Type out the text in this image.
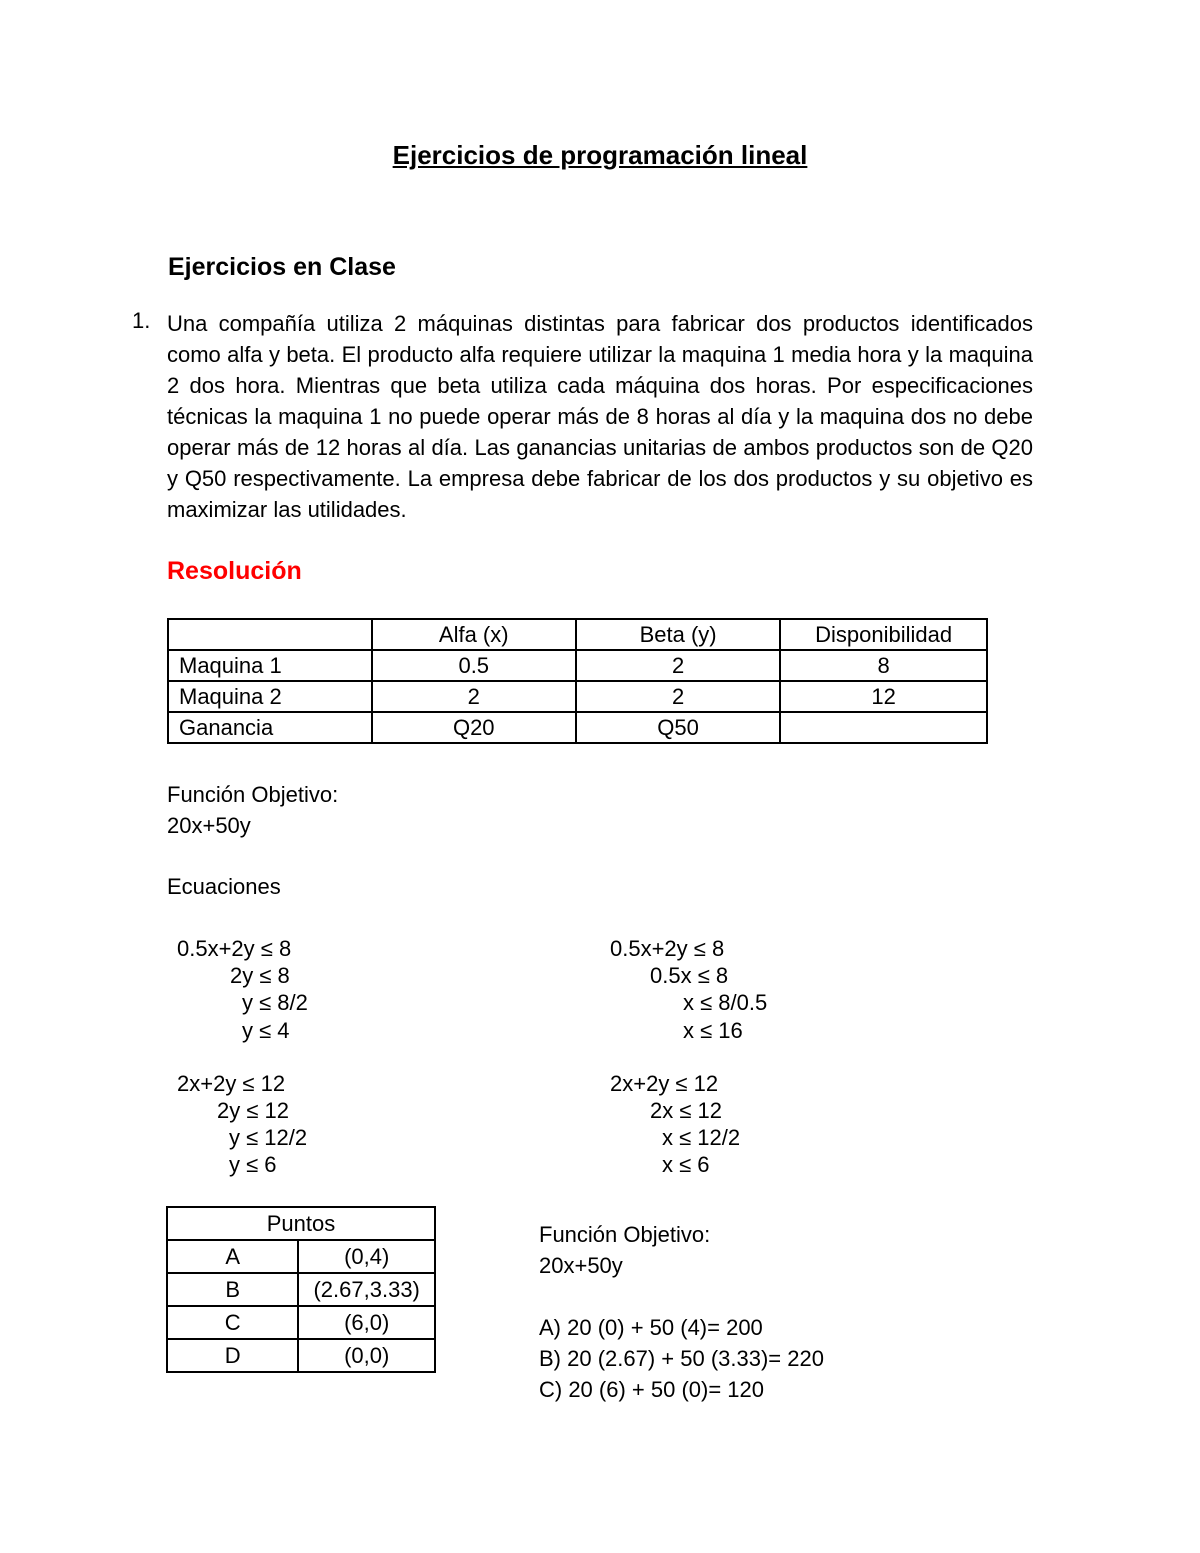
Ejercicios de programación lineal
Ejercicios en Clase
1. Una compañía utiliza 2 máquinas distintas para fabricar dos productos identificados como alfa y beta. El producto alfa requiere utilizar la maquina 1 media hora y la maquina 2 dos hora. Mientras que beta utiliza cada máquina dos horas. Por especificaciones técnicas la maquina 1 no puede operar más de 8 horas al día y la maquina dos no debe operar más de 12 horas al día. Las ganancias unitarias de ambos productos son de Q20 y Q50 respectivamente. La empresa debe fabricar de los dos productos y su objetivo es maximizar las utilidades.
Resolución
	Alfa (x)	Beta (y)	Disponibilidad
Maquina 1	0.5	2	8
Maquina 2	2	2	12
Ganancia	Q20	Q50	
Función Objetivo:
20x+50y
Ecuaciones
0.5x+2y ≤ 8
2y ≤ 8
y ≤ 8/2
y ≤ 4
0.5x+2y ≤ 8
0.5x ≤ 8
x ≤ 8/0.5
x ≤ 16
2x+2y ≤ 12
2y ≤ 12
y ≤ 12/2
y ≤ 6
2x+2y ≤ 12
2x ≤ 12
x ≤ 12/2
x ≤ 6
Puntos	
A	(0,4)
B	(2.67,3.33)
C	(6,0)
D	(0,0)
Función Objetivo:
20x+50y
A) 20 (0) + 50 (4)= 200
B) 20 (2.67) + 50 (3.33)= 220
C) 20 (6) + 50 (0)= 120
